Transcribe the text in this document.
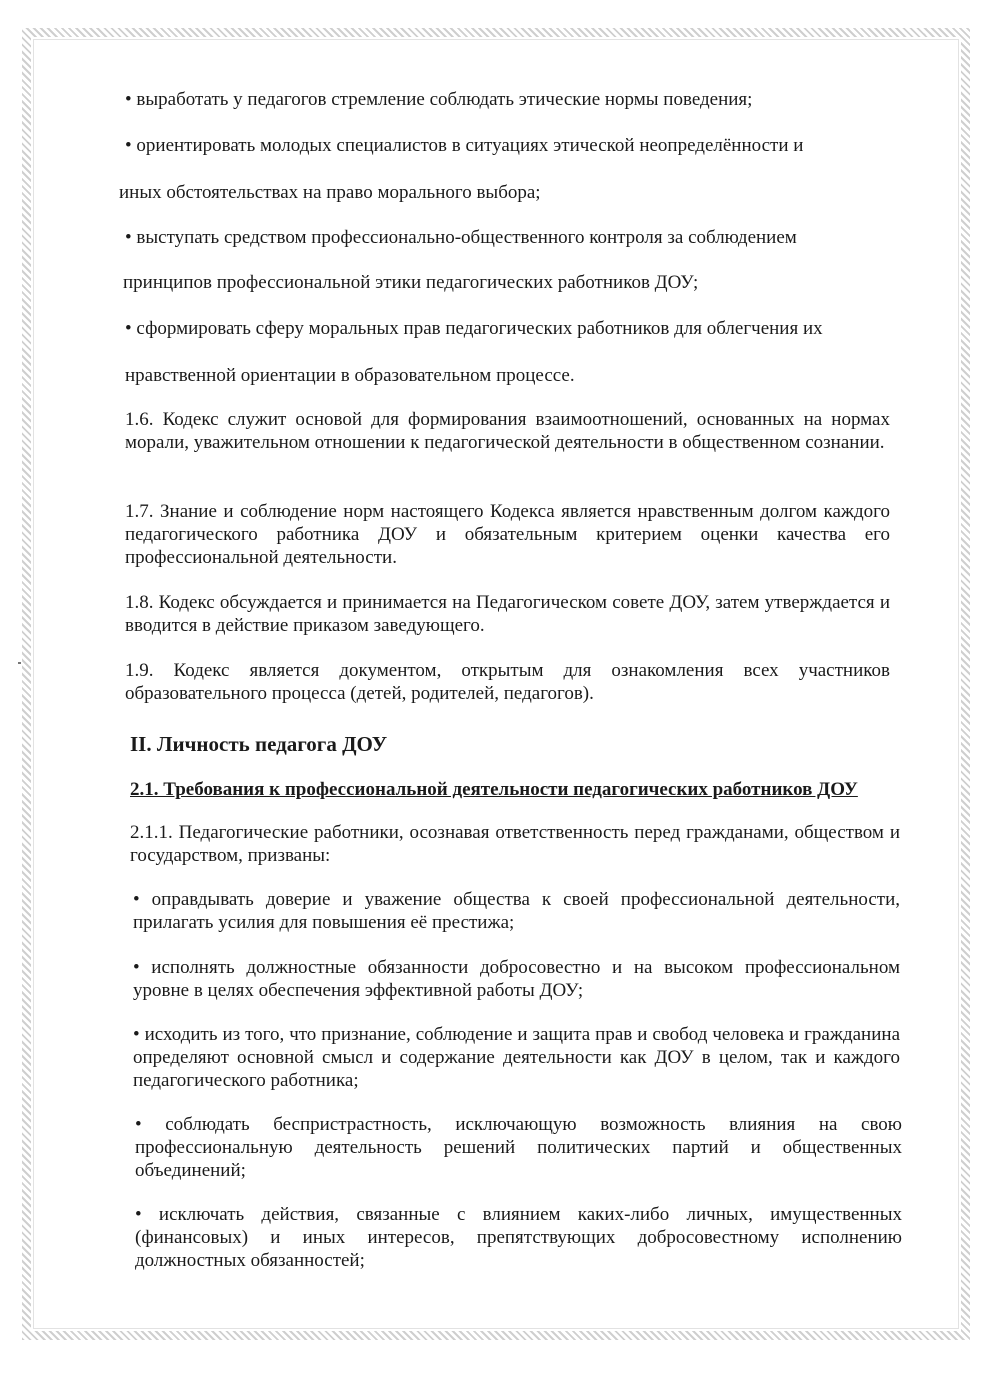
• выработать у педагогов стремление соблюдать этические нормы поведения;

• ориентировать молодых специалистов в ситуациях этической неопределённости и

иных обстоятельствах на право морального выбора;

• выступать средством профессионально-общественного контроля за соблюдением

принципов профессиональной этики педагогических работников ДОУ;

• сформировать сферу моральных прав педагогических работников для облегчения их

нравственной ориентации в образовательном процессе.

1.6. Кодекс служит основой для формирования взаимоотношений, основанных на нормах морали, уважительном отношении к педагогической деятельности в общественном сознании.

1.7. Знание и соблюдение норм настоящего Кодекса является нравственным долгом каждого педагогического работника ДОУ и обязательным критерием оценки качества его профессиональной деятельности.

1.8. Кодекс обсуждается и принимается на Педагогическом совете ДОУ, затем утверждается и вводится в действие приказом заведующего.

1.9. Кодекс является документом, открытым для ознакомления всех участников образовательного процесса (детей, родителей, педагогов).

II. Личность педагога ДОУ
2.1. Требования к профессиональной деятельности педагогических работников ДОУ

2.1.1. Педагогические работники, осознавая ответственность перед гражданами, обществом и государством, призваны:

• оправдывать доверие и уважение общества к своей профессиональной деятельности, прилагать усилия для повышения её престижа;

• исполнять должностные обязанности добросовестно и на высоком профессиональном уровне в целях обеспечения эффективной работы ДОУ;

• исходить из того, что признание, соблюдение и защита прав и свобод человека и гражданина определяют основной смысл и содержание деятельности как ДОУ в целом, так и каждого педагогического работника;

• соблюдать беспристрастность, исключающую возможность влияния на свою профессиональную деятельность решений политических партий и общественных объединений;

• исключать действия, связанные с влиянием каких-либо личных, имущественных (финансовых) и иных интересов, препятствующих добросовестному исполнению должностных обязанностей;
